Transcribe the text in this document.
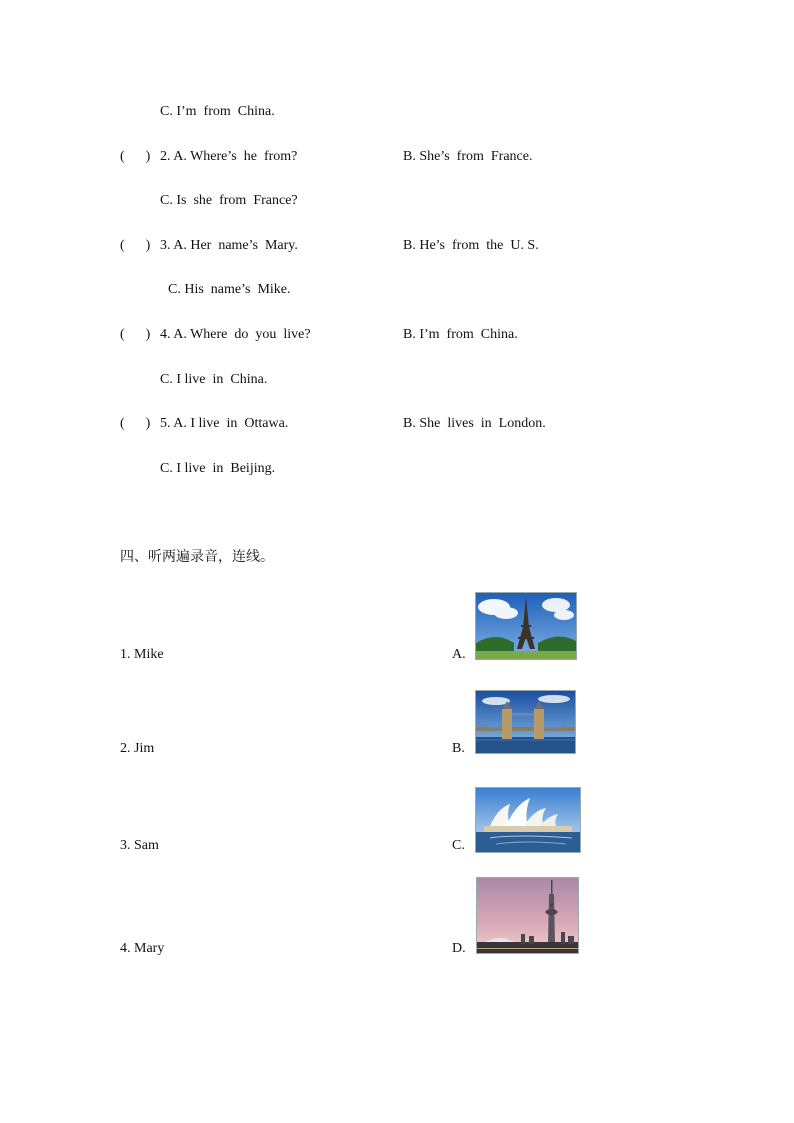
C. I’m  from  China.
(      ) 2. A. Where’s  he  from?	B. She’s  from  France.
C. Is  she  from  France?
(      ) 3. A. Her  name’s  Mary.	B. He’s  from  the  U. S.
C. His  name’s  Mike.
(      ) 4. A. Where  do  you  live?	B. I’m  from  China.
C. I live  in  China.
(      ) 5. A. I live  in  Ottawa.	B. She  lives  in  London.
C. I live  in  Beijing.
四、听两遍录音，连线。
1. Mike
2. Jim
3. Sam
4. Mary
A.
B.
C.
D.
